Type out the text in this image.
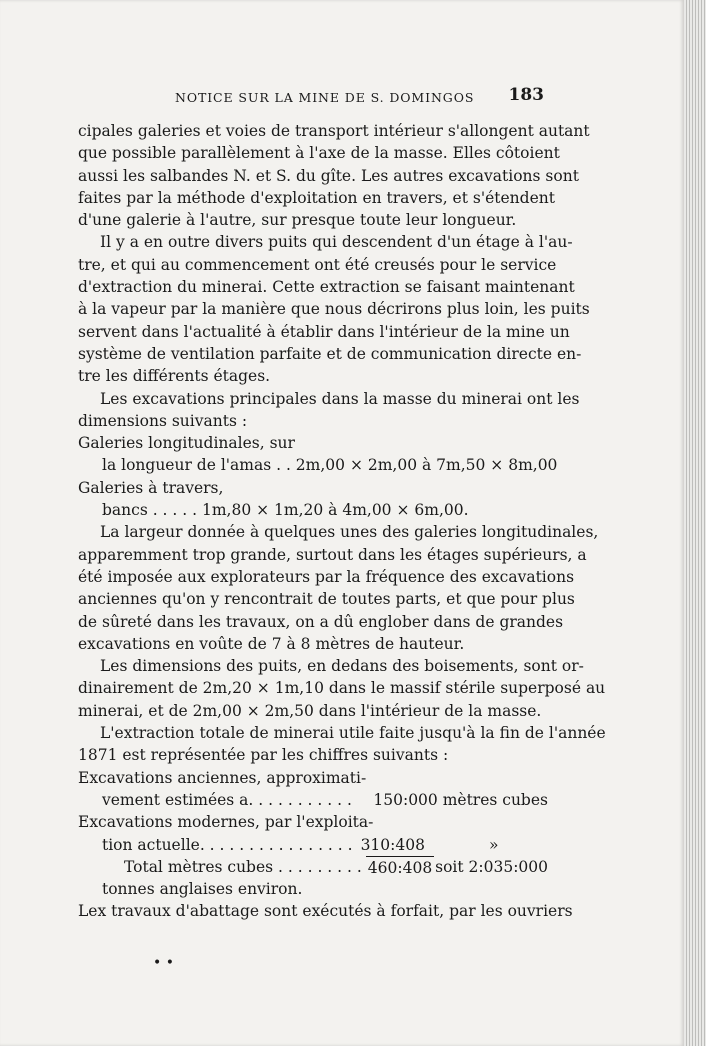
NOTICE SUR LA MINE DE S. DOMINGOS 183
cipales galeries et voies de transport intérieur s'allongent autant
que possible parallèlement à l'axe de la masse. Elles côtoient
aussi les salbandes N. et S. du gîte. Les autres excavations sont
faites par la méthode d'exploitation en travers, et s'étendent
d'une galerie à l'autre, sur presque toute leur longueur.
Il y a en outre divers puits qui descendent d'un étage à l'au-
tre, et qui au commencement ont été creusés pour le service
d'extraction du minerai. Cette extraction se faisant maintenant
à la vapeur par la manière que nous décrirons plus loin, les puits
servent dans l'actualité à établir dans l'intérieur de la mine un
système de ventilation parfaite et de communication directe en-
tre les différents étages.
Les excavations principales dans la masse du minerai ont les
dimensions suivants :
Galeries longitudinales, sur
la longueur de l'amas . . 2m,00 × 2m,00 à 7m,50 × 8m,00
Galeries à travers,
bancs . . . . . 1m,80 × 1m,20 à 4m,00 × 6m,00.
La largeur donnée à quelques unes des galeries longitudinales,
apparemment trop grande, surtout dans les étages supérieurs, a
été imposée aux explorateurs par la fréquence des excavations
anciennes qu'on y rencontrait de toutes parts, et que pour plus
de sûreté dans les travaux, on a dû englober dans de grandes
excavations en voûte de 7 à 8 mètres de hauteur.
Les dimensions des puits, en dedans des boisements, sont or-
dinairement de 2m,20 × 1m,10 dans le massif stérile superposé au
minerai, et de 2m,00 × 2m,50 dans l'intérieur de la masse.
L'extraction totale de minerai utile faite jusqu'à la fin de l'année
1871 est représentée par les chiffres suivants :
Excavations anciennes, approximati-
vement estimées a. . . . . . . . . . . 150:000 mètres cubes
Excavations modernes, par l'exploita-
tion actuelle. . . . . . . . . . . . . . . . 310:408	»
Total mètres cubes . . . . . . . . . 460:408 soit 2:035:000
tonnes anglaises environ.
Lex travaux d'abattage sont exécutés à forfait, par les ouvriers
• •
